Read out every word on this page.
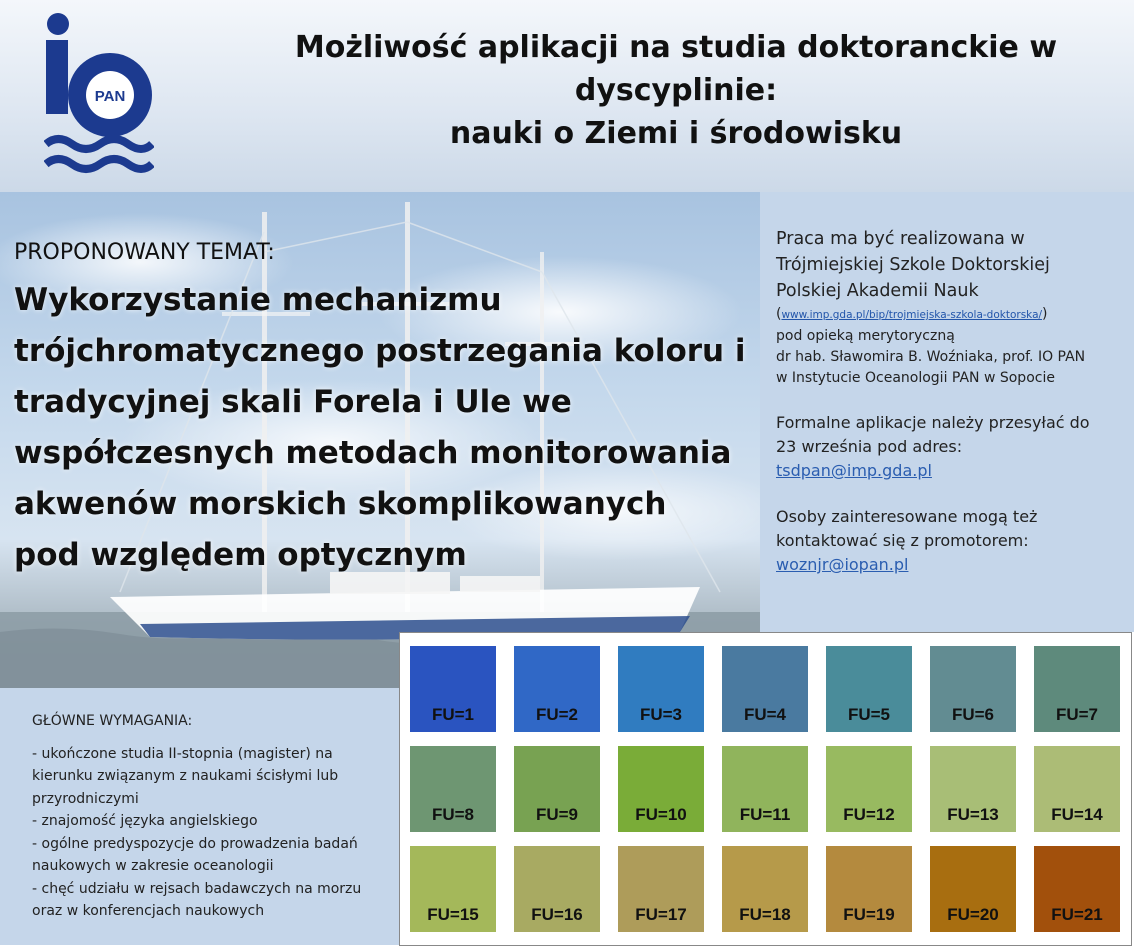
PAN
Możliwość aplikacji na studia doktoranckie w
dyscyplinie:
nauki o Ziemi i środowisku
PROPONOWANY TEMAT:
Wykorzystanie mechanizmu
trójchromatycznego postrzegania koloru i
tradycyjnej skali Forela i Ule we
współczesnych metodach monitorowania
akwenów morskich skomplikowanych
pod względem optycznym
Praca ma być realizowana w
Trójmiejskiej Szkole Doktorskiej
Polskiej Akademii Nauk
(www.imp.gda.pl/bip/trojmiejska-szkola-doktorska/)
pod opieką merytoryczną
dr hab. Sławomira B. Woźniaka, prof. IO PAN
w Instytucie Oceanologii PAN w Sopocie
Formalne aplikacje należy przesyłać do
23 września pod adres:
tsdpan@imp.gda.pl
Osoby zainteresowane mogą też
kontaktować się z promotorem:
woznjr@iopan.pl
GŁÓWNE WYMAGANIA:
- ukończone studia II-stopnia (magister) na
kierunku związanym z naukami ścisłymi lub
przyrodniczymi
- znajomość języka angielskiego
- ogólne predyspozycje do prowadzenia badań
naukowych w zakresie oceanologii
- chęć udziału w rejsach badawczych na morzu
oraz w konferencjach naukowych
FU=1	FU=2	FU=3	FU=4	FU=5	FU=6	FU=7
FU=8	FU=9	FU=10	FU=11	FU=12	FU=13	FU=14
FU=15	FU=16	FU=17	FU=18	FU=19	FU=20	FU=21
